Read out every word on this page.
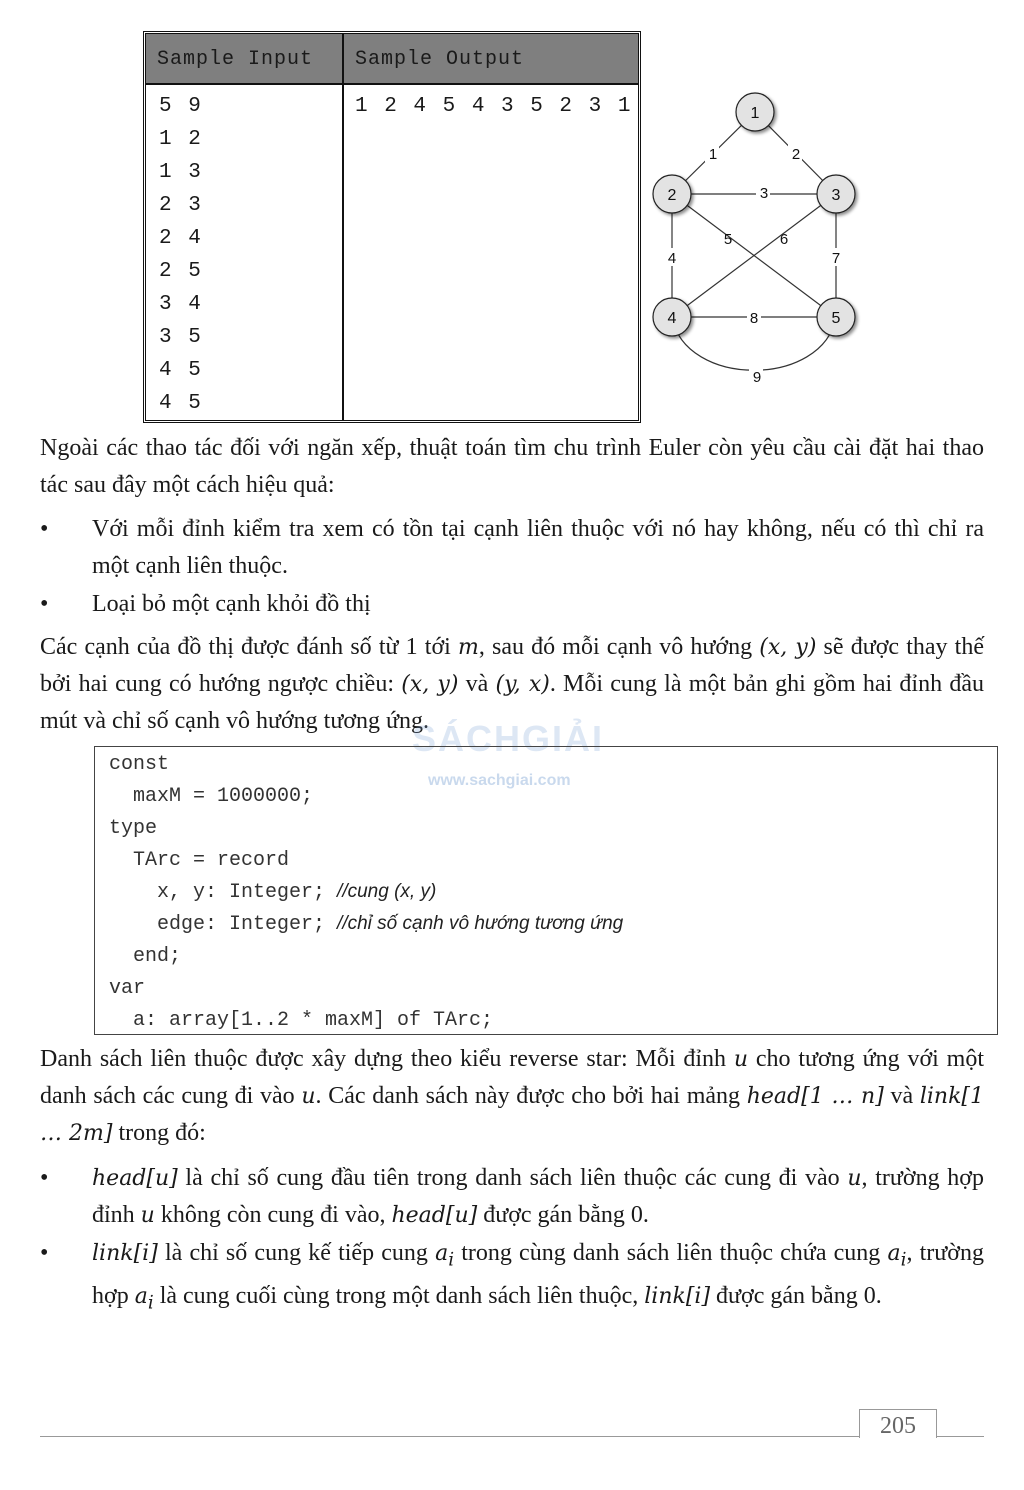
Sample Input Sample Output
5 9
1 2
1 3
2 3
2 4
2 5
3 4
3 5
4 5
4 5
1 2 4 5 4 3 5 2 3 1
1	2
3
4
5	6
7
8
9
1
2	3
4	5

Ngoài các thao tác đối với ngăn xếp, thuật toán tìm chu trình Euler còn yêu cầu cài đặt hai thao tác sau đây một cách hiệu quả:

• Với mỗi đỉnh kiểm tra xem có tồn tại cạnh liên thuộc với nó hay không, nếu có thì chỉ ra một cạnh liên thuộc.
• Loại bỏ một cạnh khỏi đồ thị

Các cạnh của đồ thị được đánh số từ 1 tới m, sau đó mỗi cạnh vô hướng (x, y) sẽ được thay thế bởi hai cung có hướng ngược chiều: (x, y) và (y, x). Mỗi cung là một bản ghi gồm hai đỉnh đầu mút và chỉ số cạnh vô hướng tương ứng.

SÁCHGIẢI
www.sachgiai.com
const
maxM = 1000000;
type
TArc = record
x, y: Integer; //cung (x, y)
edge: Integer; //chỉ số cạnh vô hướng tương ứng
end;
var
a: array[1..2 * maxM] of TArc;

Danh sách liên thuộc được xây dựng theo kiểu reverse star: Mỗi đỉnh u cho tương ứng với một danh sách các cung đi vào u. Các danh sách này được cho bởi hai mảng head[1 … n] và link[1 … 2m] trong đó:

• head[u] là chỉ số cung đầu tiên trong danh sách liên thuộc các cung đi vào u, trường hợp đỉnh u không còn cung đi vào, head[u] được gán bằng 0.
• link[i] là chỉ số cung kế tiếp cung $a_i$ trong cùng danh sách liên thuộc chứa cung $a_i$, trường hợp $a_i$ là cung cuối cùng trong một danh sách liên thuộc, link[i] được gán bằng 0.
205
